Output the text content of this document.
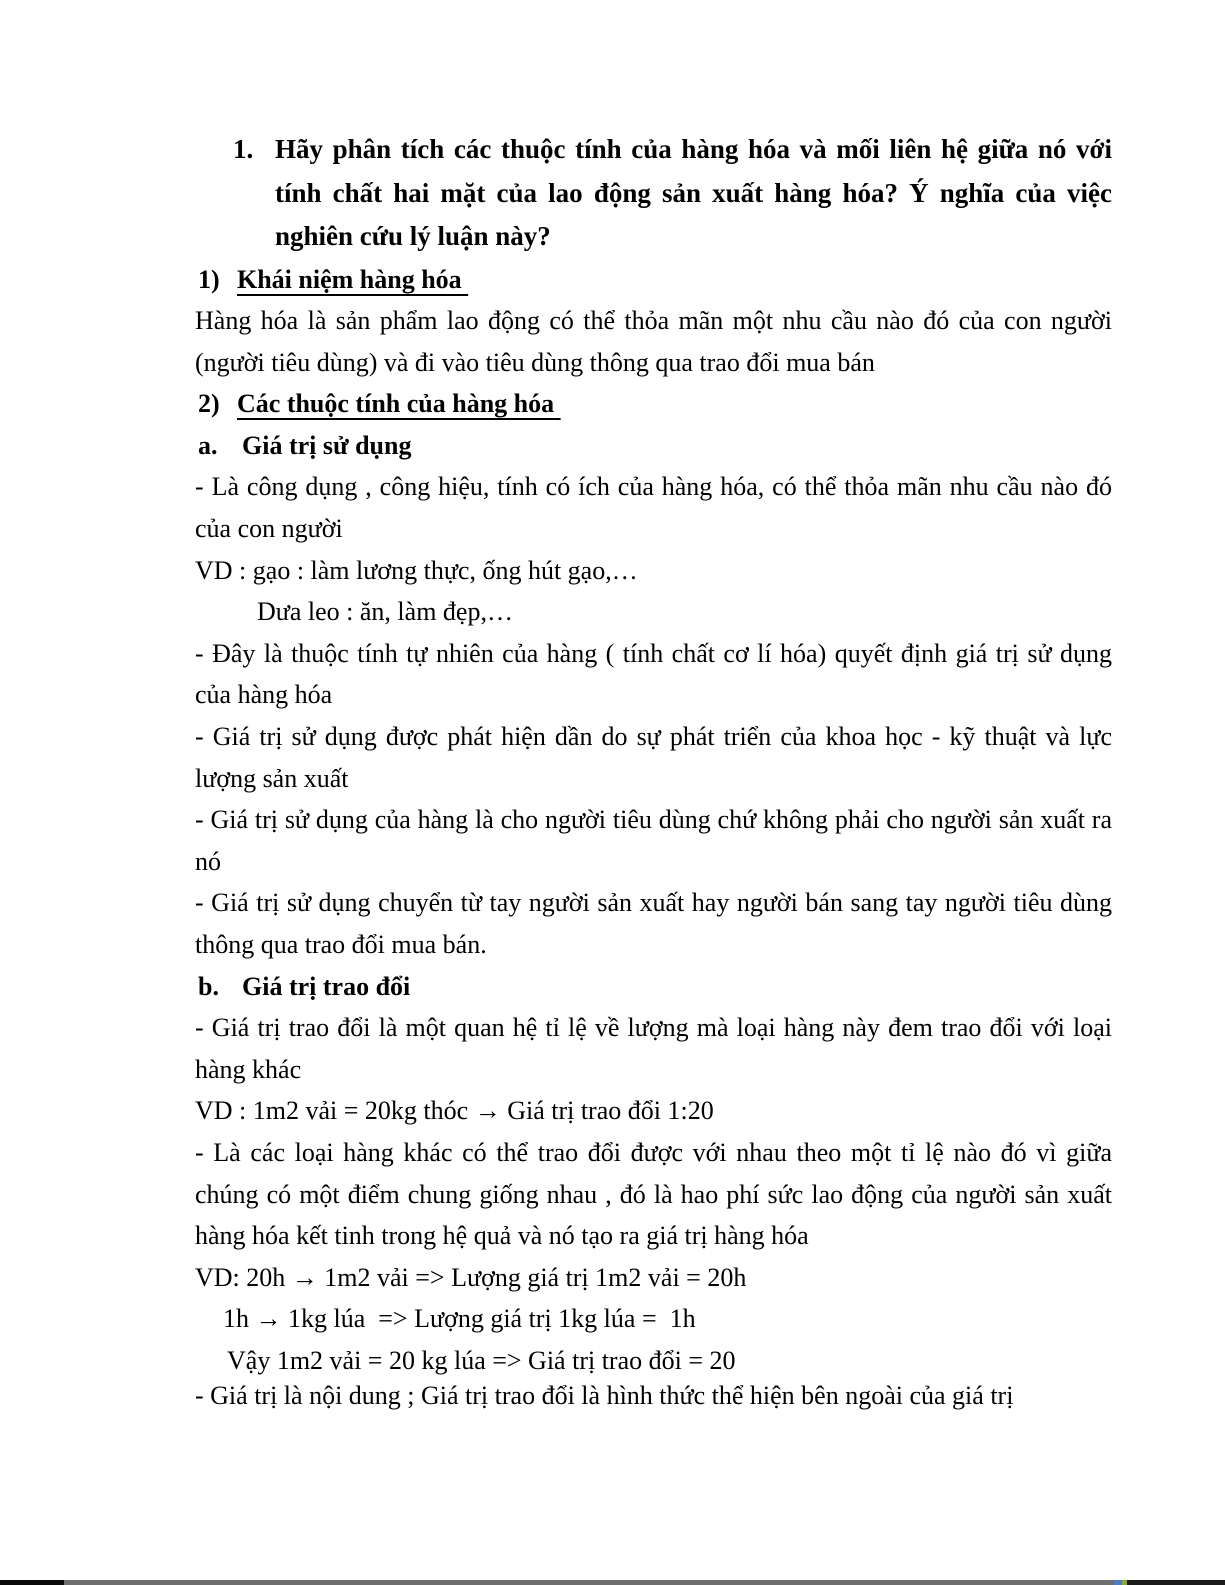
1. Hãy phân tích các thuộc tính của hàng hóa và mối liên hệ giữa nó với tính chất hai mặt của lao động sản xuất hàng hóa? Ý nghĩa của việc nghiên cứu lý luận này?
1) Khái niệm hàng hóa

Hàng hóa là sản phẩm lao động có thể thỏa mãn một nhu cầu nào đó của con người (người tiêu dùng) và đi vào tiêu dùng thông qua trao đổi mua bán

2) Các thuộc tính của hàng hóa
a. Giá trị sử dụng

- Là công dụng , công hiệu, tính có ích của hàng hóa, có thể thỏa mãn nhu cầu nào đó của con người

VD : gạo : làm lương thực, ống hút gạo,…

Dưa leo : ăn, làm đẹp,…

- Đây là thuộc tính tự nhiên của hàng ( tính chất cơ lí hóa) quyết định giá trị sử dụng của hàng hóa

- Giá trị sử dụng được phát hiện dần do sự phát triển của khoa học - kỹ thuật và lực lượng sản xuất

- Giá trị sử dụng của hàng là cho người tiêu dùng chứ không phải cho người sản xuất ra nó

- Giá trị sử dụng chuyển từ tay người sản xuất hay người bán sang tay người tiêu dùng thông qua trao đổi mua bán.

b. Giá trị trao đổi

- Giá trị trao đổi là một quan hệ tỉ lệ về lượng mà loại hàng này đem trao đổi với loại hàng khác

VD : 1m2 vải = 20kg thóc → Giá trị trao đổi 1:20

- Là các loại hàng khác có thể trao đổi được với nhau theo một tỉ lệ nào đó vì giữa chúng có một điểm chung giống nhau , đó là hao phí sức lao động của người sản xuất hàng hóa kết tinh trong hệ quả và nó tạo ra giá trị hàng hóa

VD: 20h → 1m2 vải => Lượng giá trị 1m2 vải = 20h

1h → 1kg lúa  => Lượng giá trị 1kg lúa =  1h

Vậy 1m2 vải = 20 kg lúa => Giá trị trao đổi = 20

- Giá trị là nội dung ; Giá trị trao đổi là hình thức thể hiện bên ngoài của giá trị
